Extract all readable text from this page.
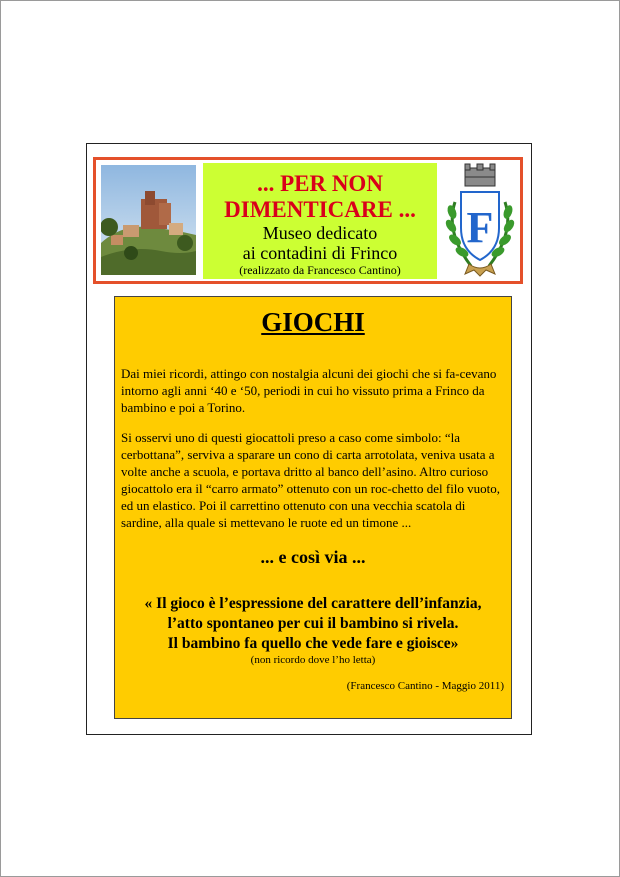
... PER NON
DIMENTICARE ...
Museo dedicato
ai contadini di Frinco
(realizzato da Francesco Cantino)
F
GIOCHI
Dai miei ricordi, attingo con nostalgia alcuni dei giochi che si fa-cevano intorno agli anni ‘40 e ‘50, periodi in cui ho vissuto prima a Frinco da bambino e poi a Torino.
Si osservi uno di questi giocattoli preso a caso come simbolo: “la cerbottana”, serviva a sparare un cono di carta arrotolata, veniva usata a volte anche a scuola, e portava dritto al banco dell’asino. Altro curioso giocattolo era il “carro armato” ottenuto con un roc-chetto del filo vuoto, ed un elastico. Poi il carrettino ottenuto con una vecchia scatola di sardine, alla quale si mettevano le ruote ed un timone ...
... e così via ...
« Il gioco è l’espressione del carattere dell’infanzia,
l’atto spontaneo per cui il bambino si rivela.
Il bambino fa quello che vede fare e gioisce»
(non ricordo dove l’ho letta)
(Francesco Cantino - Maggio 2011)
